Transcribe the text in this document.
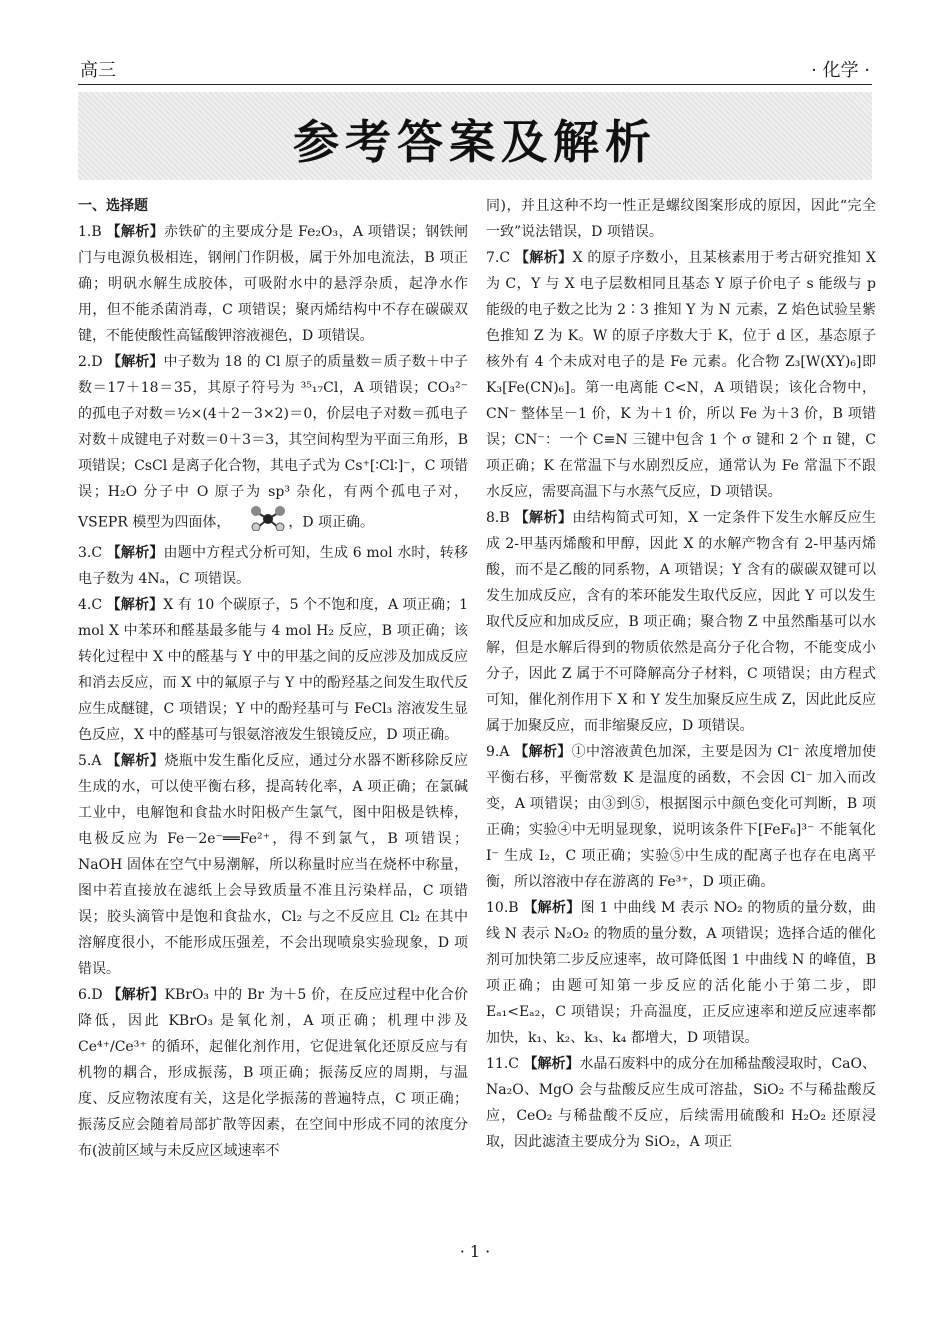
高三	· 化学 ·
参考答案及解析
一、选择题

1.B 【解析】赤铁矿的主要成分是 Fe₂O₃，A 项错误；钢铁闸门与电源负极相连，钢闸门作阴极，属于外加电流法，B 项正确；明矾水解生成胶体，可吸附水中的悬浮杂质，起净水作用，但不能杀菌消毒，C 项错误；聚丙烯结构中不存在碳碳双键，不能使酸性高锰酸钾溶液褪色，D 项错误。

2.D 【解析】中子数为 18 的 Cl 原子的质量数＝质子数＋中子数＝17＋18＝35，其原子符号为 ³⁵₁₇Cl，A 项错误；CO₃²⁻ 的孤电子对数＝½×(4＋2－3×2)＝0，价层电子对数＝孤电子对数＋成键电子对数＝0＋3＝3，其空间构型为平面三角形，B 项错误；CsCl 是离子化合物，其电子式为 Cs⁺[∶Cl∶]⁻，C 项错误；H₂O 分子中 O 原子为 sp³ 杂化，有两个孤电子对，VSEPR 模型为四面体，	，D 项正确。

3.C 【解析】由题中方程式分析可知，生成 6 mol 水时，转移电子数为 4Nₐ，C 项错误。

4.C 【解析】X 有 10 个碳原子，5 个不饱和度，A 项正确；1 mol X 中苯环和醛基最多能与 4 mol H₂ 反应，B 项正确；该转化过程中 X 中的醛基与 Y 中的甲基之间的反应涉及加成反应和消去反应，而 X 中的氟原子与 Y 中的酚羟基之间发生取代反应生成醚键，C 项错误；Y 中的酚羟基可与 FeCl₃ 溶液发生显色反应，X 中的醛基可与银氨溶液发生银镜反应，D 项正确。

5.A 【解析】烧瓶中发生酯化反应，通过分水器不断移除反应生成的水，可以使平衡右移，提高转化率，A 项正确；在氯碱工业中，电解饱和食盐水时阳极产生氯气，图中阳极是铁棒，电极反应为 Fe－2e⁻══Fe²⁺，得不到氯气，B 项错误；NaOH 固体在空气中易潮解，所以称量时应当在烧杯中称量，图中若直接放在滤纸上会导致质量不准且污染样品，C 项错误；胶头滴管中是饱和食盐水，Cl₂ 与之不反应且 Cl₂ 在其中溶解度很小，不能形成压强差，不会出现喷泉实验现象，D 项错误。

6.D 【解析】KBrO₃ 中的 Br 为＋5 价，在反应过程中化合价降低，因此 KBrO₃ 是氧化剂，A 项正确；机理中涉及 Ce⁴⁺/Ce³⁺ 的循环，起催化剂作用，它促进氧化还原反应与有机物的耦合，形成振荡，B 项正确；振荡反应的周期，与温度、反应物浓度有关，这是化学振荡的普遍特点，C 项正确；振荡反应会随着局部扩散等因素，在空间中形成不同的浓度分布(波前区域与未反应区域速率不

同)，并且这种不均一性正是螺纹图案形成的原因，因此“完全一致”说法错误，D 项错误。

7.C 【解析】X 的原子序数小，且某核素用于考古研究推知 X 为 C，Y 与 X 电子层数相同且基态 Y 原子价电子 s 能级与 p 能级的电子数之比为 2∶3 推知 Y 为 N 元素，Z 焰色试验呈紫色推知 Z 为 K。W 的原子序数大于 K，位于 d 区，基态原子核外有 4 个未成对电子的是 Fe 元素。化合物 Z₃[W(XY)₆]即 K₃[Fe(CN)₆]。第一电离能 C<N，A 项错误；该化合物中，CN⁻ 整体呈－1 价，K 为＋1 价，所以 Fe 为＋3 价，B 项错误；CN⁻：一个 C≡N 三键中包含 1 个 σ 键和 2 个 π 键，C 项正确；K 在常温下与水剧烈反应，通常认为 Fe 常温下不跟水反应，需要高温下与水蒸气反应，D 项错误。

8.B 【解析】由结构简式可知，X 一定条件下发生水解反应生成 2-甲基丙烯酸和甲醇，因此 X 的水解产物含有 2-甲基丙烯酸，而不是乙酸的同系物，A 项错误；Y 含有的碳碳双键可以发生加成反应，含有的苯环能发生取代反应，因此 Y 可以发生取代反应和加成反应，B 项正确；聚合物 Z 中虽然酯基可以水解，但是水解后得到的物质依然是高分子化合物，不能变成小分子，因此 Z 属于不可降解高分子材料，C 项错误；由方程式可知，催化剂作用下 X 和 Y 发生加聚反应生成 Z，因此此反应属于加聚反应，而非缩聚反应，D 项错误。

9.A 【解析】①中溶液黄色加深，主要是因为 Cl⁻ 浓度增加使平衡右移，平衡常数 K 是温度的函数，不会因 Cl⁻ 加入而改变，A 项错误；由③到⑤，根据图示中颜色变化可判断，B 项正确；实验④中无明显现象，说明该条件下[FeF₆]³⁻ 不能氧化 I⁻ 生成 I₂，C 项正确；实验⑤中生成的配离子也存在电离平衡，所以溶液中存在游离的 Fe³⁺，D 项正确。

10.B 【解析】图 1 中曲线 M 表示 NO₂ 的物质的量分数，曲线 N 表示 N₂O₂ 的物质的量分数，A 项错误；选择合适的催化剂可加快第二步反应速率，故可降低图 1 中曲线 N 的峰值，B 项正确；由题可知第一步反应的活化能小于第二步，即 Eₐ₁<Eₐ₂，C 项错误；升高温度，正反应速率和逆反应速率都加快，k₁、k₂、k₃、k₄ 都增大，D 项错误。

11.C 【解析】水晶石废料中的成分在加稀盐酸浸取时，CaO、Na₂O、MgO 会与盐酸反应生成可溶盐，SiO₂ 不与稀盐酸反应，CeO₂ 与稀盐酸不反应，后续需用硫酸和 H₂O₂ 还原浸取，因此滤渣主要成分为 SiO₂，A 项正

· 1 ·
